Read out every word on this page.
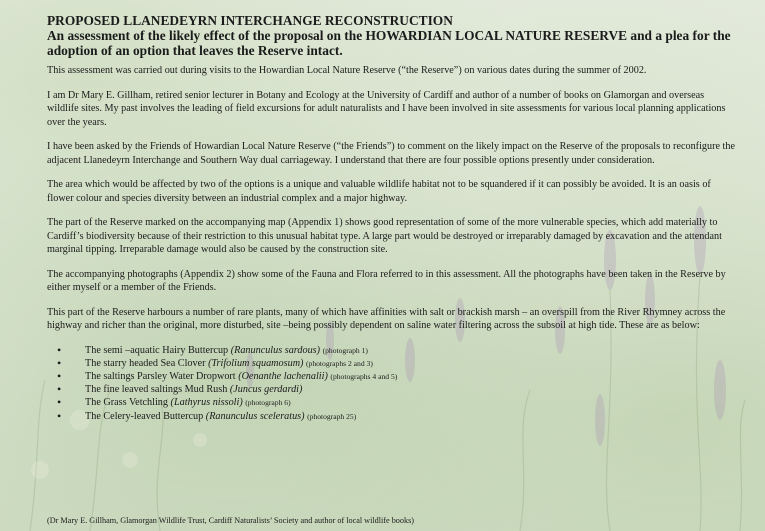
PROPOSED LLANEDEYRN INTERCHANGE RECONSTRUCTION
An assessment of the likely effect of the proposal on the HOWARDIAN LOCAL NATURE RESERVE and a plea for the adoption of an option that leaves the Reserve intact.

This assessment was carried out during visits to the Howardian Local Nature Reserve (“the Reserve”) on various dates during the summer of 2002.

I am Dr Mary E. Gillham, retired senior lecturer in Botany and Ecology at the University of Cardiff and author of a number of books on Glamorgan and overseas wildlife sites. My past involves the leading of field excursions for adult naturalists and I have been involved in site assessments for various local planning applications over the years.

I have been asked by the Friends of Howardian Local Nature Reserve (“the Friends”) to comment on the likely impact on the Reserve of the proposals to reconfigure the adjacent Llanedeyrn Interchange and Southern Way dual carriageway. I understand that there are four possible options presently under consideration.

The area which would be affected by two of the options is a unique and valuable wildlife habitat not to be squandered if it can possibly be avoided. It is an oasis of flower colour and species diversity between an industrial complex and a major highway.

The part of the Reserve marked on the accompanying map (Appendix 1) shows good representation of some of the more vulnerable species, which add materially to Cardiff’s biodiversity because of their restriction to this unusual habitat type. A large part would be destroyed or irreparably damaged by excavation and the attendant marginal tipping. Irreparable damage would also be caused by the construction site.

The accompanying photographs (Appendix 2) show some of the Fauna and Flora referred to in this assessment. All the photographs have been taken in the Reserve by either myself or a member of the Friends.

This part of the Reserve harbours a number of rare plants, many of which have affinities with salt or brackish marsh – an overspill from the River Rhymney across the highway and richer than the original, more disturbed, site –being possibly dependent on saline water filtering across the subsoil at high tide. These are as below:

• The semi –aquatic Hairy Buttercup (Ranunculus sardous) (photograph 1)
• The starry headed Sea Clover (Trifolium squamosum) (photographs 2 and 3)
• The saltings Parsley Water Dropwort (Oenanthe lachenalii) (photographs 4 and 5)
• The fine leaved saltings Mud Rush (Juncus gerdardi)
• The Grass Vetchling (Lathyrus nissoli) (photograph 6)
• The Celery-leaved Buttercup (Ranunculus sceleratus) (photograph 25)
(Dr Mary E. Gillham, Glamorgan Wildlife Trust, Cardiff Naturalists’ Society and author of local wildlife books)
